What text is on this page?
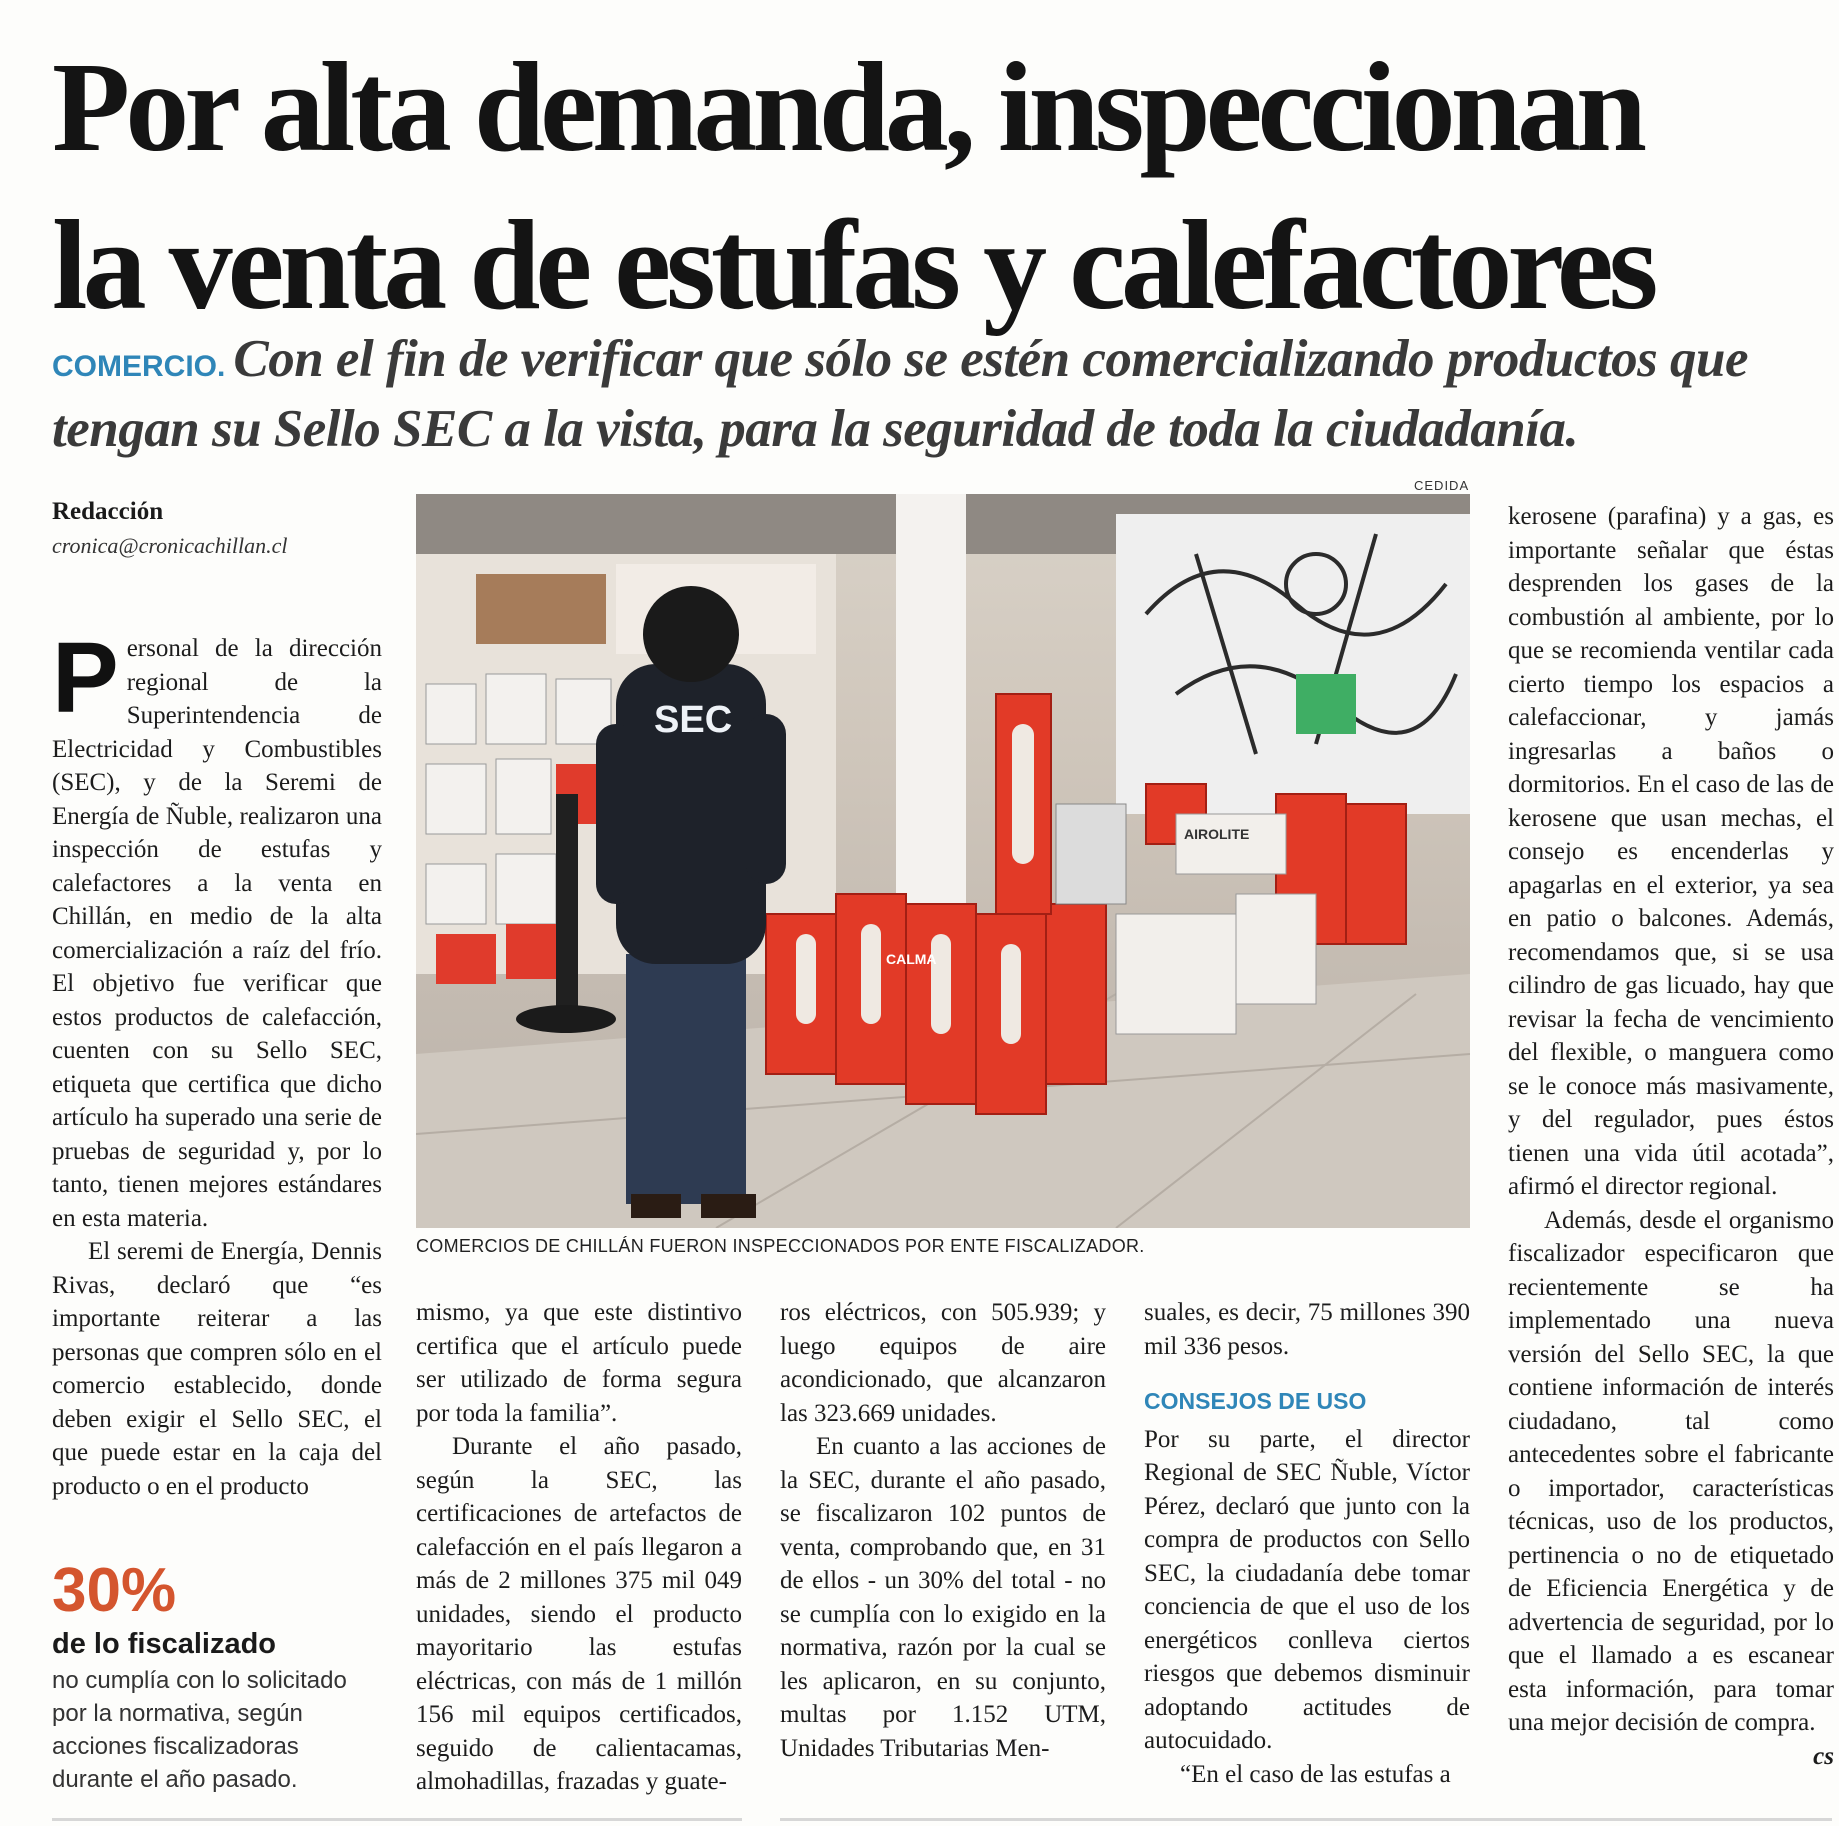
Por alta demanda, inspeccionan
la venta de estufas y calefactores
COMERCIO. Con el fin de verificar que sólo se estén comercializando productos que
tengan su Sello SEC a la vista, para la seguridad de toda la ciudadanía.
Redacción
cronica@cronicachillan.cl

Personal de la dirección regional de la Superintendencia de Electricidad y Combustibles (SEC), y de la Seremi de Energía de Ñuble, realizaron una inspección de estufas y calefactores a la venta en Chillán, en medio de la alta comercialización a raíz del frío. El objetivo fue verificar que estos productos de calefacción, cuenten con su Sello SEC, etiqueta que certifica que dicho artículo ha superado una serie de pruebas de seguridad y, por lo tanto, tienen mejores estándares en esta materia.

El seremi de Energía, Dennis Rivas, declaró que “es importante reiterar a las personas que compren sólo en el comercio establecido, donde deben exigir el Sello SEC, el que puede estar en la caja del producto o en el producto

30%
de lo fiscalizado

no cumplía con lo solicitado por la normativa, según acciones fiscalizadoras durante el año pasado.

CEDIDA
SEC
CALMA
AIROLITE
COMERCIOS DE CHILLÁN FUERON INSPECCIONADOS POR ENTE FISCALIZADOR.

mismo, ya que este distintivo certifica que el artículo puede ser utilizado de forma segura por toda la familia”.

Durante el año pasado, según la SEC, las certificaciones de artefactos de calefacción en el país llegaron a más de 2 millones 375 mil 049 unidades, siendo el producto mayoritario las estufas eléctricas, con más de 1 millón 156 mil equipos certificados, seguido de calientacamas, almohadillas, frazadas y guate-

ros eléctricos, con 505.939; y luego equipos de aire acondicionado, que alcanzaron las 323.669 unidades.

En cuanto a las acciones de la SEC, durante el año pasado, se fiscalizaron 102 puntos de venta, comprobando que, en 31 de ellos - un 30% del total - no se cumplía con lo exigido en la normativa, razón por la cual se les aplicaron, en su conjunto, multas por 1.152 UTM, Unidades Tributarias Men-

suales, es decir, 75 millones 390 mil 336 pesos.

CONSEJOS DE USO

Por su parte, el director Regional de SEC Ñuble, Víctor Pérez, declaró que junto con la compra de productos con Sello SEC, la ciudadanía debe tomar conciencia de que el uso de los energéticos conlleva ciertos riesgos que debemos disminuir adoptando actitudes de autocuidado.

“En el caso de las estufas a

kerosene (parafina) y a gas, es importante señalar que éstas desprenden los gases de la combustión al ambiente, por lo que se recomienda ventilar cada cierto tiempo los espacios a calefaccionar, y jamás ingresarlas a baños o dormitorios. En el caso de las de kerosene que usan mechas, el consejo es encenderlas y apagarlas en el exterior, ya sea en patio o balcones. Además, recomendamos que, si se usa cilindro de gas licuado, hay que revisar la fecha de vencimiento del flexible, o manguera como se le conoce más masivamente, y del regulador, pues éstos tienen una vida útil acotada”, afirmó el director regional.

Además, desde el organismo fiscalizador especificaron que recientemente se ha implementado una nueva versión del Sello SEC, la que contiene información de interés ciudadano, tal como antecedentes sobre el fabricante o importador, características técnicas, uso de los productos, pertinencia o no de etiquetado de Eficiencia Energética y de advertencia de seguridad, por lo que el llamado a es escanear esta información, para tomar una mejor decisión de compra.
cs
